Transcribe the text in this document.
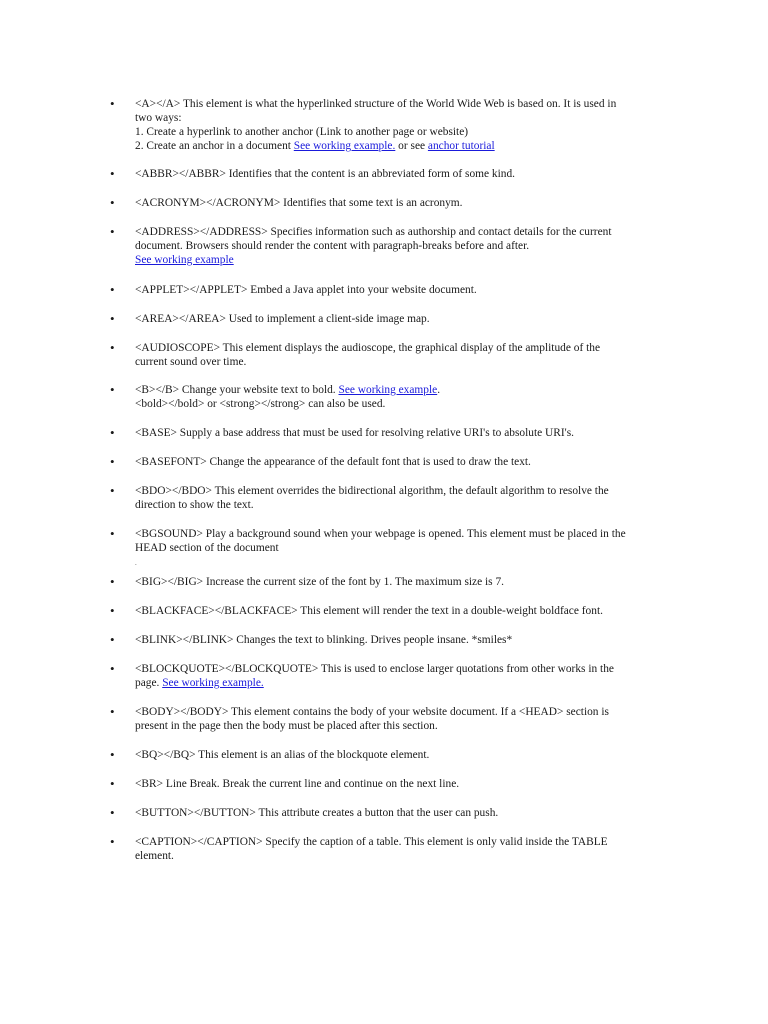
• <A></A> This element is what the hyperlinked structure of the World Wide Web is based on. It is used in
two ways:
1. Create a hyperlink to another anchor (Link to another page or website)
2. Create an anchor in a document See working example. or see anchor tutorial
• <ABBR></ABBR> Identifies that the content is an abbreviated form of some kind.
• <ACRONYM></ACRONYM> Identifies that some text is an acronym.
• <ADDRESS></ADDRESS> Specifies information such as authorship and contact details for the current
document. Browsers should render the content with paragraph-breaks before and after.
See working example
• <APPLET></APPLET> Embed a Java applet into your website document.
• <AREA></AREA> Used to implement a client-side image map.
• <AUDIOSCOPE> This element displays the audioscope, the graphical display of the amplitude of the
current sound over time.
• <B></B> Change your website text to bold. See working example.
<bold></bold> or <strong></strong> can also be used.
• <BASE> Supply a base address that must be used for resolving relative URI's to absolute URI's.
• <BASEFONT> Change the appearance of the default font that is used to draw the text.
• <BDO></BDO> This element overrides the bidirectional algorithm, the default algorithm to resolve the
direction to show the text.
• <BGSOUND> Play a background sound when your webpage is opened. This element must be placed in the
HEAD section of the document
.
• <BIG></BIG> Increase the current size of the font by 1. The maximum size is 7.
• <BLACKFACE></BLACKFACE> This element will render the text in a double-weight boldface font.
• <BLINK></BLINK> Changes the text to blinking. Drives people insane. *smiles*
• <BLOCKQUOTE></BLOCKQUOTE> This is used to enclose larger quotations from other works in the
page. See working example.
• <BODY></BODY> This element contains the body of your website document. If a <HEAD> section is
present in the page then the body must be placed after this section.
• <BQ></BQ> This element is an alias of the blockquote element.
• <BR> Line Break. Break the current line and continue on the next line.
• <BUTTON></BUTTON> This attribute creates a button that the user can push.
• <CAPTION></CAPTION> Specify the caption of a table. This element is only valid inside the TABLE
element.
